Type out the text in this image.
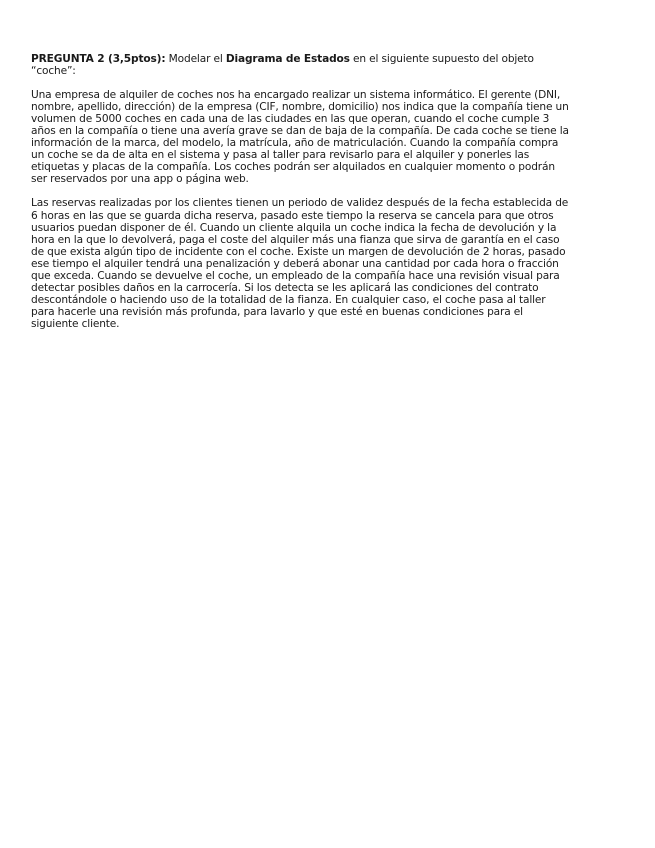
PREGUNTA 2 (3,5ptos): Modelar el Diagrama de Estados en el siguiente supuesto del objeto “coche”:

Una empresa de alquiler de coches nos ha encargado realizar un sistema informático. El gerente (DNI, nombre, apellido, dirección) de la empresa (CIF, nombre, domicilio) nos indica que la compañía tiene un volumen de 5000 coches en cada una de las ciudades en las que operan, cuando el coche cumple 3 años en la compañía o tiene una avería grave se dan de baja de la compañía. De cada coche se tiene la información de la marca, del modelo, la matrícula, año de matriculación. Cuando la compañía compra un coche se da de alta en el sistema y pasa al taller para revisarlo para el alquiler y ponerles las etiquetas y placas de la compañía. Los coches podrán ser alquilados en cualquier momento o podrán ser reservados por una app o página web.

Las reservas realizadas por los clientes tienen un periodo de validez después de la fecha establecida de 6 horas en las que se guarda dicha reserva, pasado este tiempo la reserva se cancela para que otros usuarios puedan disponer de él. Cuando un cliente alquila un coche indica la fecha de devolución y la hora en la que lo devolverá, paga el coste del alquiler más una fianza que sirva de garantía en el caso de que exista algún tipo de incidente con el coche. Existe un margen de devolución de 2 horas, pasado ese tiempo el alquiler tendrá una penalización y deberá abonar una cantidad por cada hora o fracción que exceda. Cuando se devuelve el coche, un empleado de la compañía hace una revisión visual para detectar posibles daños en la carrocería. Si los detecta se les aplicará las condiciones del contrato descontándole o haciendo uso de la totalidad de la fianza. En cualquier caso, el coche pasa al taller para hacerle una revisión más profunda, para lavarlo y que esté en buenas condiciones para el siguiente cliente.
